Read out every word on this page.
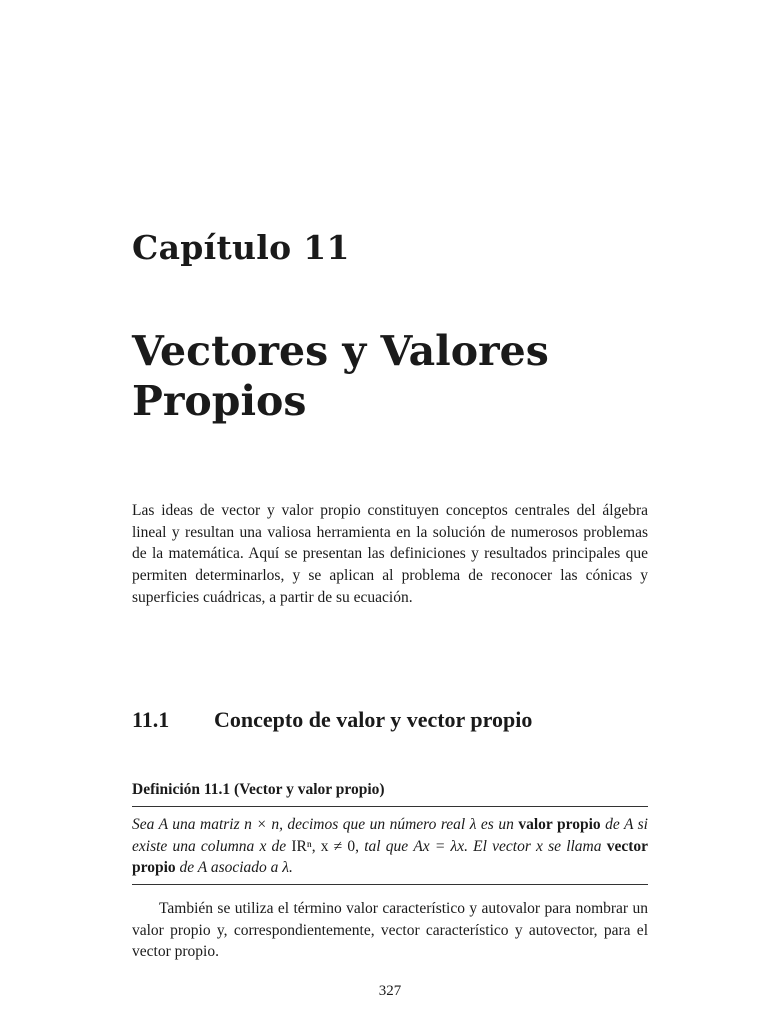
Capítulo 11
Vectores y Valores
Propios
Las ideas de vector y valor propio constituyen conceptos centrales del álgebra lineal y resultan una valiosa herramienta en la solución de numerosos problemas de la matemática. Aquí se presentan las definiciones y resultados principales que permiten determinarlos, y se aplican al problema de reconocer las cónicas y superficies cuádricas, a partir de su ecuación.
11.1 Concepto de valor y vector propio
Definición 11.1 (Vector y valor propio)
Sea A una matriz n × n, decimos que un número real λ es un valor propio de A si existe una columna x de IRⁿ, x ≠ 0, tal que Ax = λx. El vector x se llama vector propio de A asociado a λ.
También se utiliza el término valor característico y autovalor para nombrar un valor propio y, correspondientemente, vector característico y autovector, para el vector propio.
327
